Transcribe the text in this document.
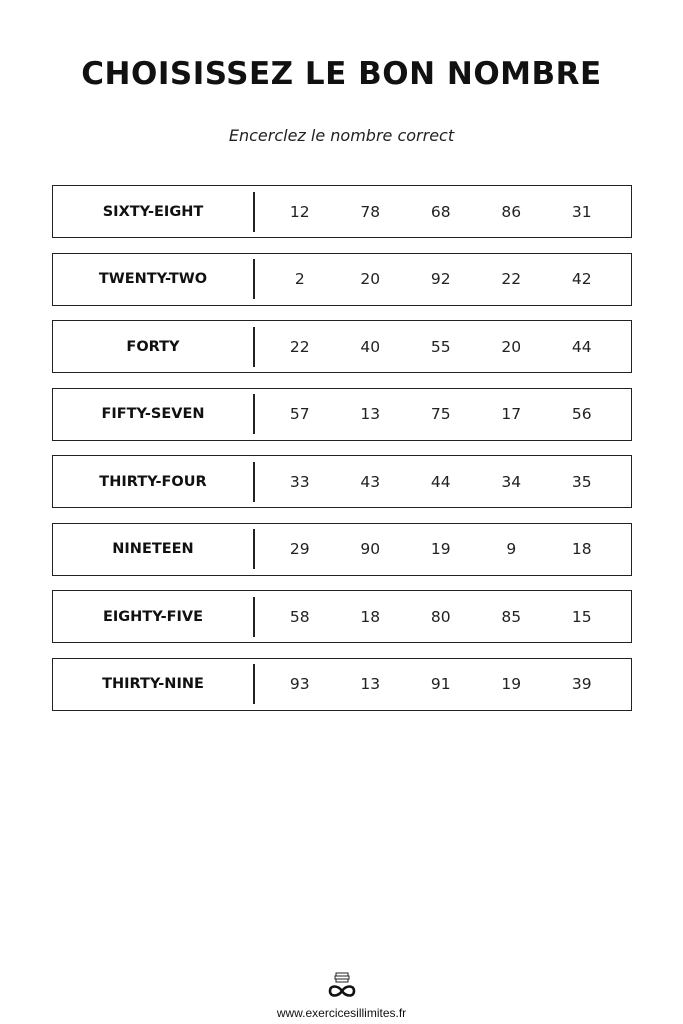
CHOISISSEZ LE BON NOMBRE
Encerclez le nombre correct
SIXTY-EIGHT	12	78	68	86	31
TWENTY-TWO	2	20	92	22	42
FORTY	22	40	55	20	44
FIFTY-SEVEN	57	13	75	17	56
THIRTY-FOUR	33	43	44	34	35
NINETEEN	29	90	19	9	18
EIGHTY-FIVE	58	18	80	85	15
THIRTY-NINE	93	13	91	19	39
www.exercicesillimites.fr
